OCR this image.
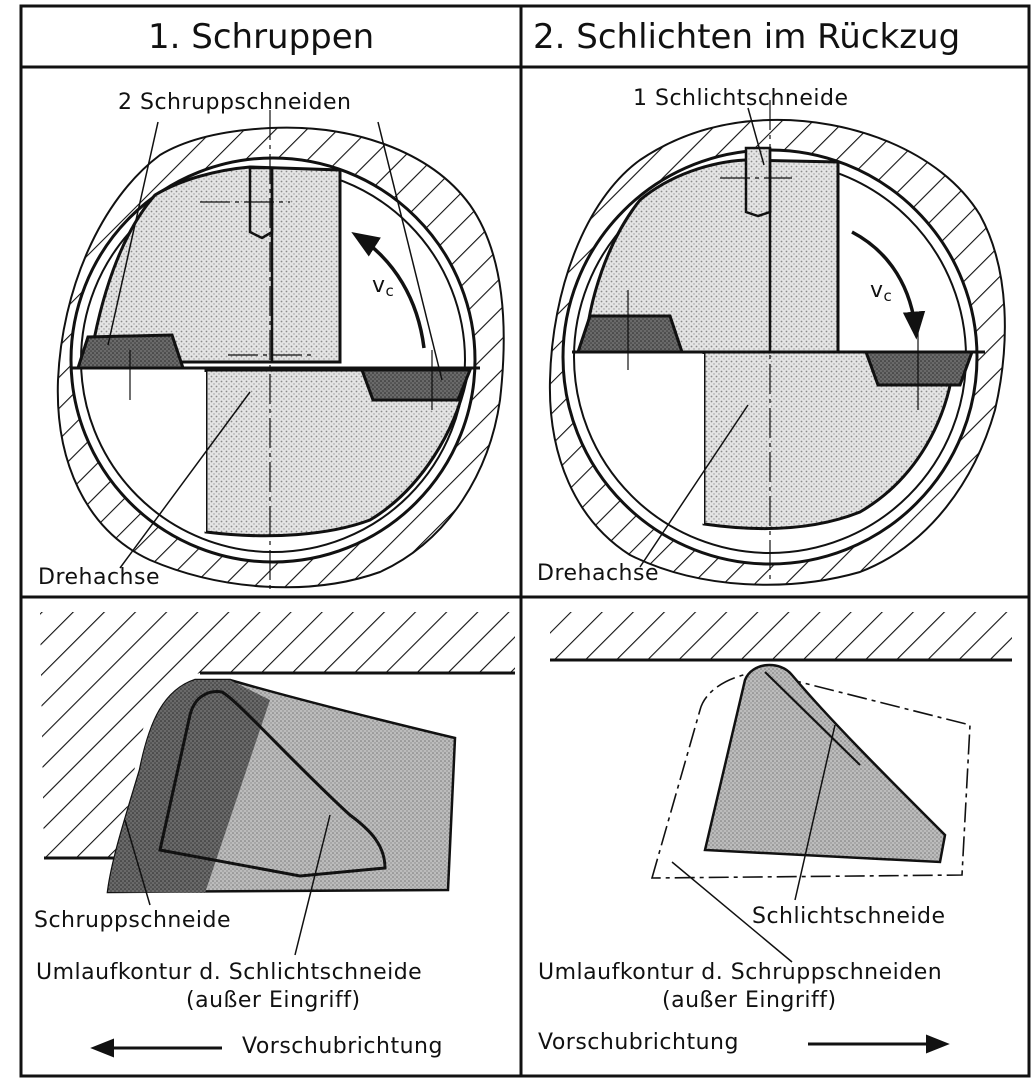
1. Schruppen	2. Schlichten im Rückzug
2 Schruppschneiden
vc
Drehachse
1 Schlichtschneide
vc
Drehachse
Schruppschneide
Umlaufkontur d. Schlichtschneide
(außer Eingriff)
Vorschubrichtung
Schlichtschneide
Umlaufkontur d. Schruppschneiden
(außer Eingriff)
Vorschubrichtung
